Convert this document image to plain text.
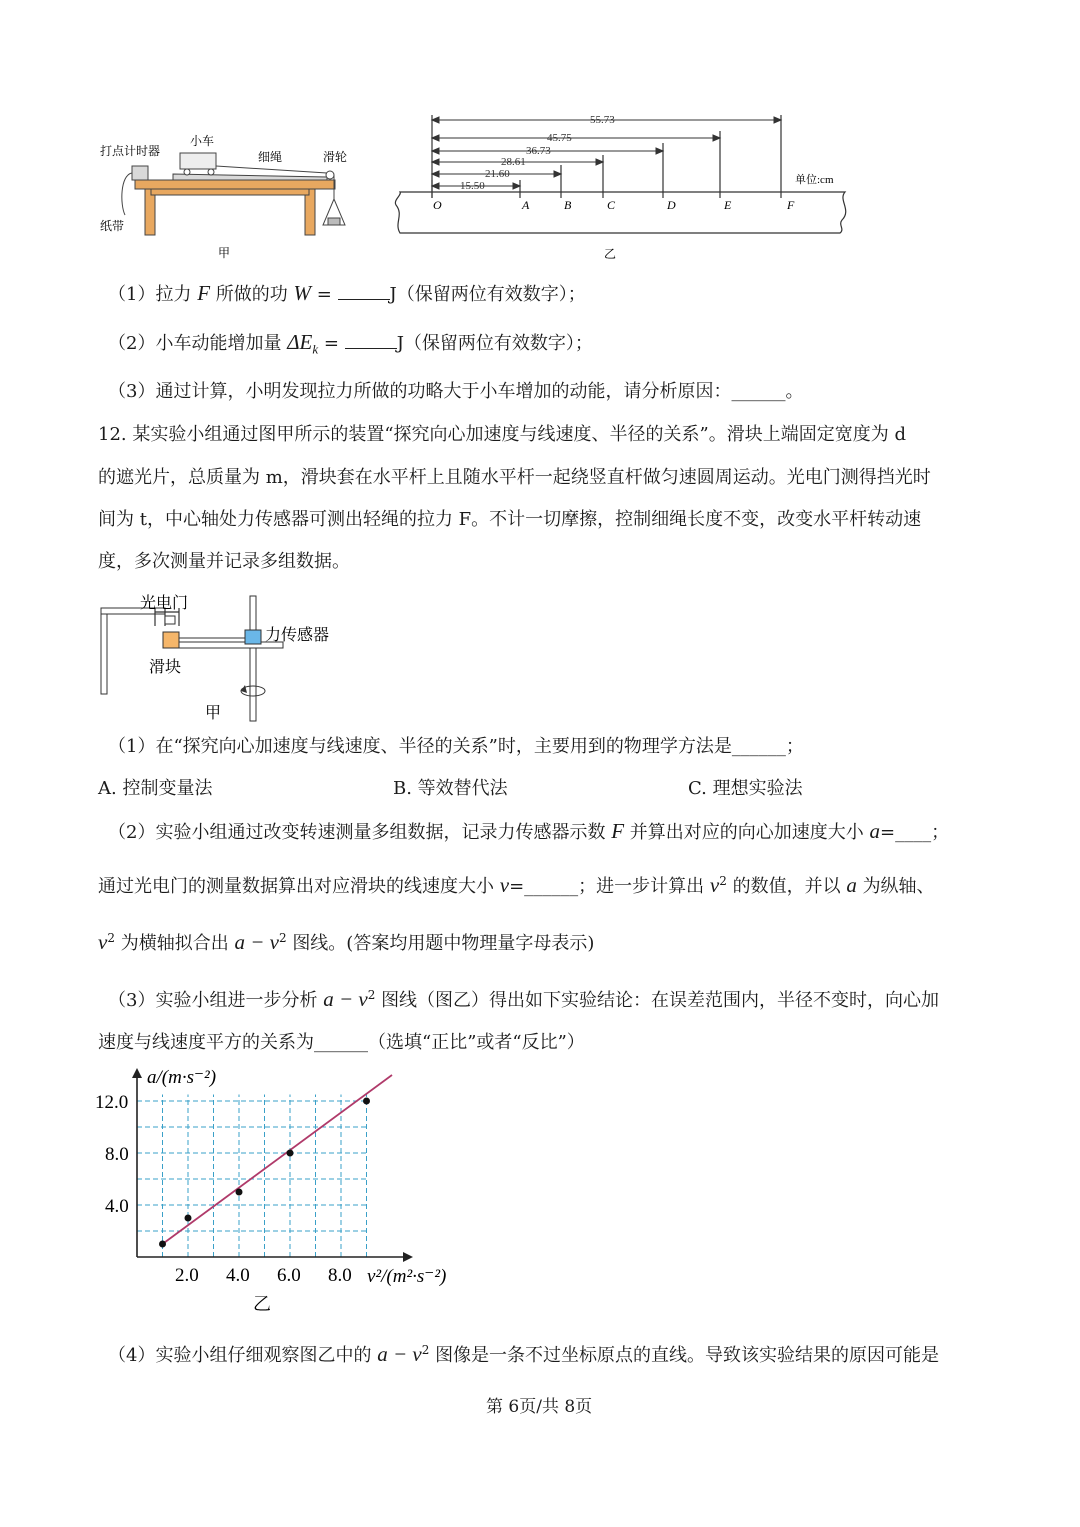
打点计时器
小车
细绳	滑轮
纸带
甲
55.73
45.75
36.73
28.61
21.60
15.50
O	A	B	C	D	E	F
单位:cm
乙
（1）拉力 F 所做的功 W =	J（保留两位有效数字）；
（2）小车动能增加量 $\Delta E_k$ =	J（保留两位有效数字）；
（3）通过计算，小明发现拉力所做的功略大于小车增加的动能，请分析原因：______。
12. 某实验小组通过图甲所示的装置“探究向心加速度与线速度、半径的关系”。滑块上端固定宽度为 d
的遮光片，总质量为 m，滑块套在水平杆上且随水平杆一起绕竖直杆做匀速圆周运动。光电门测得挡光时
间为 t，中心轴处力传感器可测出轻绳的拉力 F。不计一切摩擦，控制细绳长度不变，改变水平杆转动速
度，多次测量并记录多组数据。
光电门
力传感器
滑块
甲
（1）在“探究向心加速度与线速度、半径的关系”时，主要用到的物理学方法是______；
A. 控制变量法	B. 等效替代法	C. 理想实验法
（2）实验小组通过改变转速测量多组数据，记录力传感器示数 F 并算出对应的向心加速度大小 a=____；
通过光电门的测量数据算出对应滑块的线速度大小 v=______；进一步计算出 $v^2$ 的数值，并以 a 为纵轴、
$v^2$ 为横轴拟合出 $a - v^2$ 图线。(答案均用题中物理量字母表示)
（3）实验小组进一步分析 $a - v^2$ 图线（图乙）得出如下实验结论：在误差范围内，半径不变时，向心加
速度与线速度平方的关系为______（选填“正比”或者“反比”）
2.0 4.0 6.0 8.0
4.0
8.0
12.0
a/(m·s⁻²)
v²/(m²·s⁻²)
乙
（4）实验小组仔细观察图乙中的 $a - v^2$ 图像是一条不过坐标原点的直线。导致该实验结果的原因可能是
第 6页/共 8页
